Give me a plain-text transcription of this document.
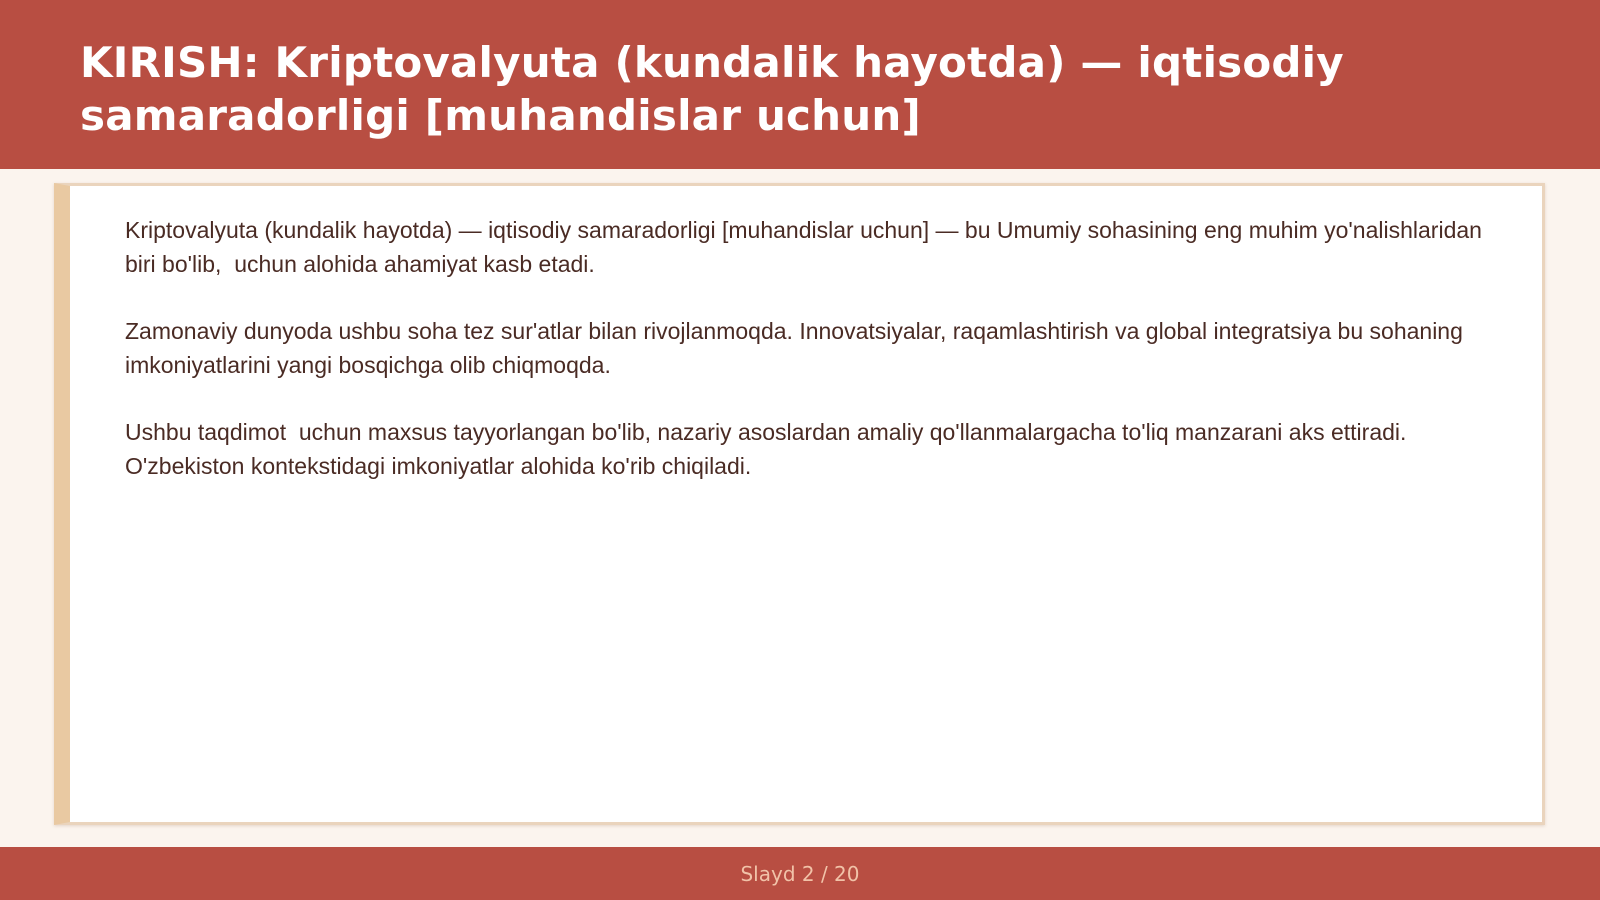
KIRISH: Kriptovalyuta (kundalik hayotda) — iqtisodiy
samaradorligi [muhandislar uchun]

Kriptovalyuta (kundalik hayotda) — iqtisodiy samaradorligi [muhandislar uchun] — bu Umumiy sohasining eng muhim yo'nalishlaridan biri bo'lib,  uchun alohida ahamiyat kasb etadi.

Zamonaviy dunyoda ushbu soha tez sur'atlar bilan rivojlanmoqda. Innovatsiyalar, raqamlashtirish va global integratsiya bu sohaning imkoniyatlarini yangi bosqichga olib chiqmoqda.

Ushbu taqdimot  uchun maxsus tayyorlangan bo'lib, nazariy asoslardan amaliy qo'llanmalargacha to'liq manzarani aks ettiradi. O'zbekiston kontekstidagi imkoniyatlar alohida ko'rib chiqiladi.

Slayd 2 / 20
